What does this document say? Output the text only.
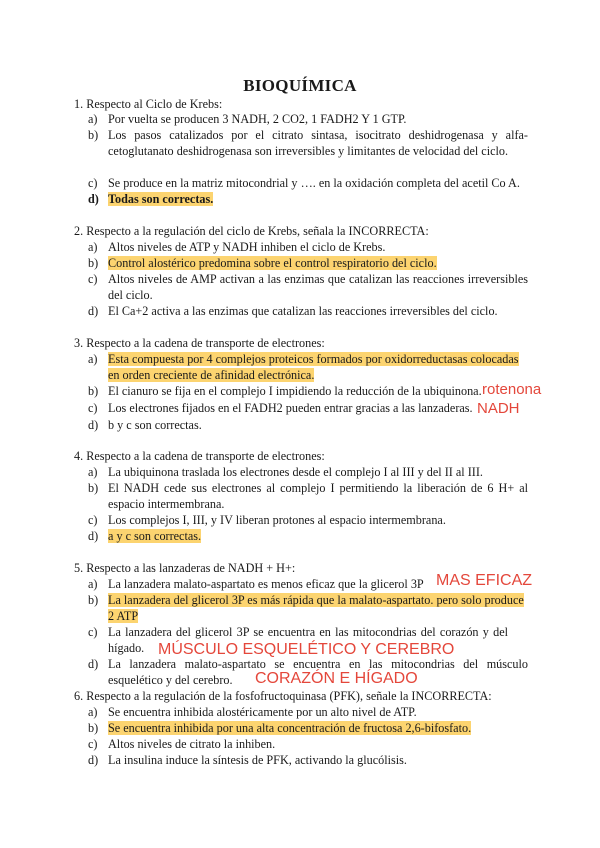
BIOQUÍMICA
1. Respecto al Ciclo de Krebs:
a) Por vuelta se producen 3 NADH, 2 CO2, 1 FADH2 Y 1 GTP.
b) Los pasos catalizados por el citrato sintasa, isocitrato deshidrogenasa y alfa-cetoglutanato deshidrogenasa son irreversibles y limitantes de velocidad del ciclo.
c) Se produce en la matriz mitocondrial y …. en la oxidación completa del acetil Co A.
d) Todas son correctas.
2. Respecto a la regulación del ciclo de Krebs, señala la INCORRECTA:
a) Altos niveles de ATP y NADH inhiben el ciclo de Krebs.
b) Control alostérico predomina sobre el control respiratorio del ciclo.
c) Altos niveles de AMP activan a las enzimas que catalizan las reacciones irreversibles del ciclo.
d) El Ca+2 activa a las enzimas que catalizan las reacciones irreversibles del ciclo.
3. Respecto a la cadena de transporte de electrones:
a) Esta compuesta por 4 complejos proteicos formados por oxidorreductasas colocadas en orden creciente de afinidad electrónica.
b) El cianuro se fija en el complejo I impidiendo la reducción de la ubiquinona.
c) Los electrones fijados en el FADH2 pueden entrar gracias a las lanzaderas.
d) b y c son correctas.
4. Respecto a la cadena de transporte de electrones:
a) La ubiquinona traslada los electrones desde el complejo I al III y del II al III.
b) El NADH cede sus electrones al complejo I permitiendo la liberación de 6 H+ al espacio intermembrana.
c) Los complejos I, III, y IV liberan protones al espacio intermembrana.
d) a y c son correctas.
5. Respecto a las lanzaderas de NADH + H+:
a) La lanzadera malato-aspartato es menos eficaz que la glicerol 3P
b) La lanzadera del glicerol 3P es más rápida que la malato-aspartato. pero solo produce 2 ATP
c) La lanzadera del glicerol 3P se encuentra en las mitocondrias del corazón y del hígado.
d) La lanzadera malato-aspartato se encuentra en las mitocondrias del músculo esquelético y del cerebro.
6. Respecto a la regulación de la fosfofructoquinasa (PFK), señale la INCORRECTA:
a) Se encuentra inhibida alostéricamente por un alto nivel de ATP.
b) Se encuentra inhibida por una alta concentración de fructosa 2,6-bifosfato.
c) Altos niveles de citrato la inhiben.
d) La insulina induce la síntesis de PFK, activando la glucólisis.
rotenona
NADH
MAS EFICAZ
MÚSCULO ESQUELÉTICO Y CEREBRO
CORAZÓN E HÍGADO
